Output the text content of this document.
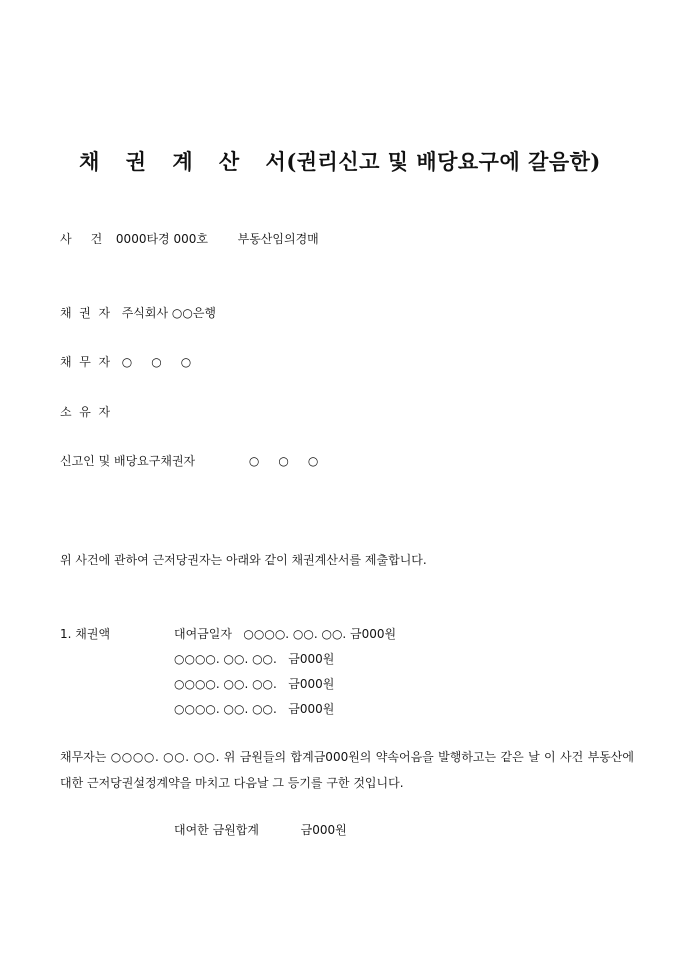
채 권 계 산 서(권리신고 및 배당요구에 갈음한)
사     건 0000타경 000호 부동산임의경매
채  권  자 주식회사 ○○은행
채  무  자 ○     ○     ○
소  유  자
신고인 및 배당요구채권자	○     ○     ○
위 사건에 관하여 근저당권자는 아래와 같이 채권계산서를 제출합니다.
1. 채권액	대여금일자   ○○○○. ○○. ○○. 금000원
○○○○. ○○. ○○.   금000원
○○○○. ○○. ○○.   금000원
○○○○. ○○. ○○.   금000원
채무자는 ○○○○. ○○. ○○. 위 금원들의 합계금000원의 약속어음을 발행하고는 같은 날 이 사건 부동산에 대한 근저당권설정계약을 마치고 다음날 그 등기를 구한 것입니다.
대여한 금원합계	금000원
